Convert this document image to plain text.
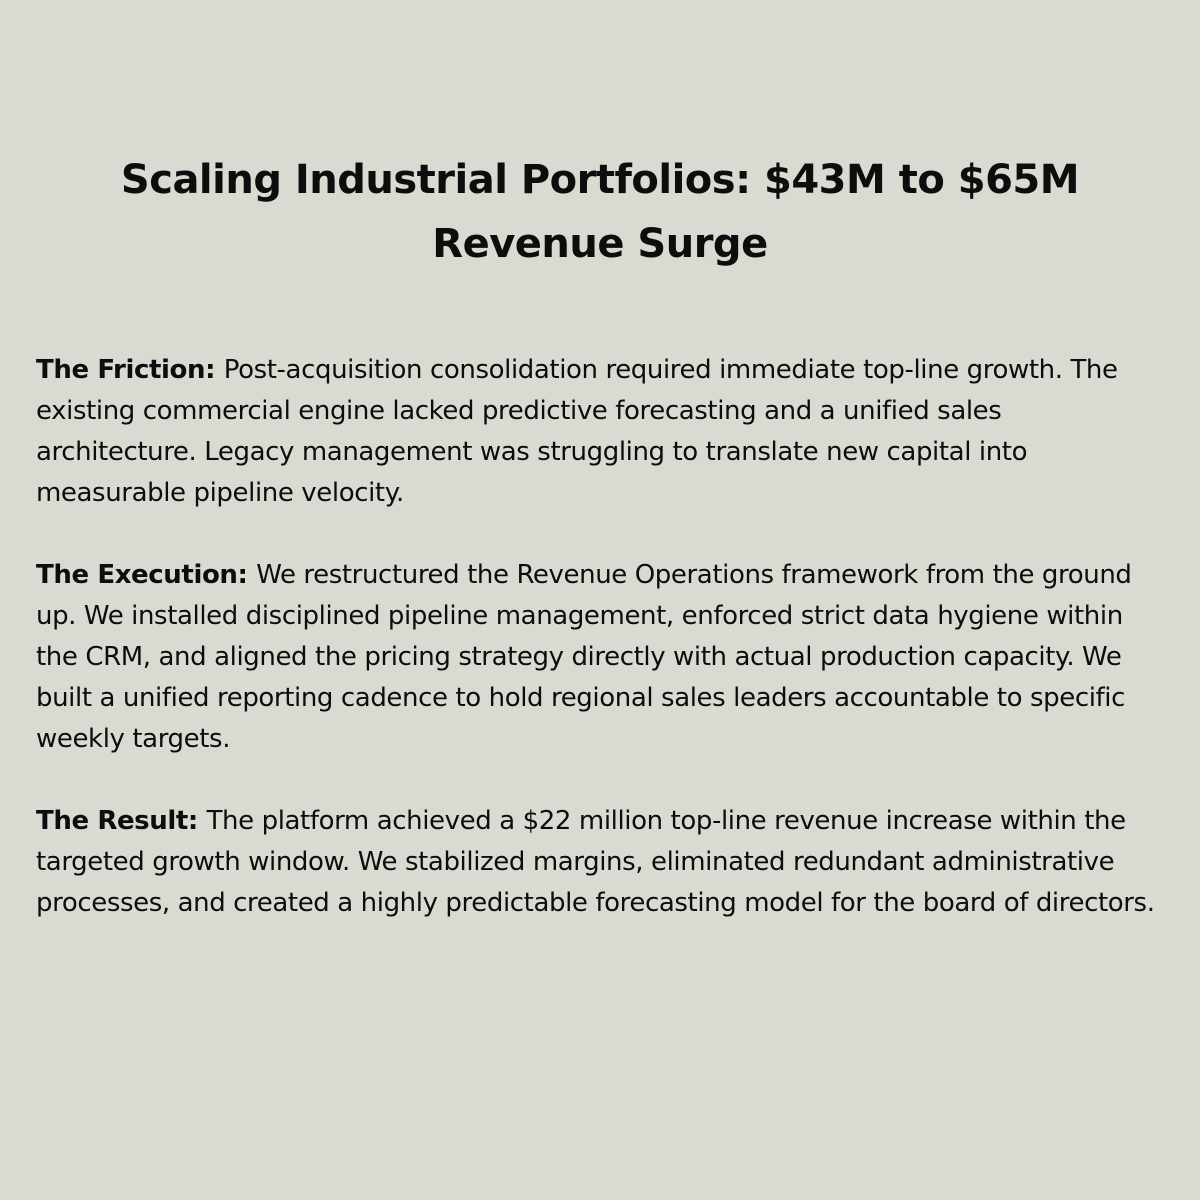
Scaling Industrial Portfolios: $43M to $65M Revenue Surge

The Friction: Post-acquisition consolidation required immediate top-line growth. The existing commercial engine lacked predictive forecasting and a unified sales architecture. Legacy management was struggling to translate new capital into measurable pipeline velocity.

The Execution: We restructured the Revenue Operations framework from the ground up. We installed disciplined pipeline management, enforced strict data hygiene within the CRM, and aligned the pricing strategy directly with actual production capacity. We built a unified reporting cadence to hold regional sales leaders accountable to specific weekly targets.

The Result: The platform achieved a $22 million top-line revenue increase within the targeted growth window. We stabilized margins, eliminated redundant administrative processes, and created a highly predictable forecasting model for the board of directors.
